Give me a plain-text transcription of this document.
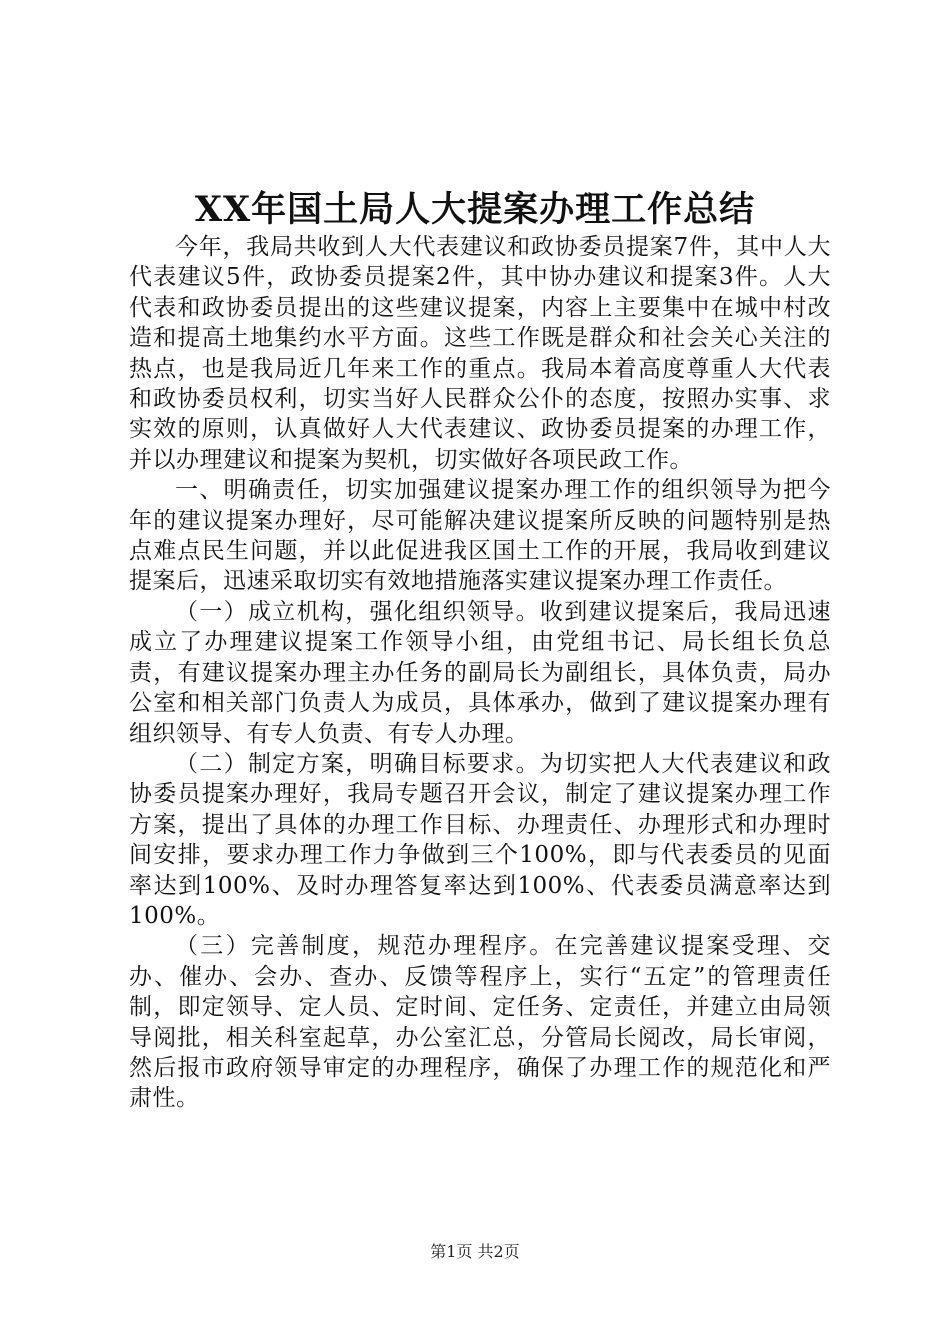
XX年国土局人大提案办理工作总结

今年，我局共收到人大代表建议和政协委员提案7件，其中人大代表建议5件，政协委员提案2件，其中协办建议和提案3件。人大代表和政协委员提出的这些建议提案，内容上主要集中在城中村改造和提高土地集约水平方面。这些工作既是群众和社会关心关注的热点，也是我局近几年来工作的重点。我局本着高度尊重人大代表和政协委员权利，切实当好人民群众公仆的态度，按照办实事、求实效的原则，认真做好人大代表建议、政协委员提案的办理工作，并以办理建议和提案为契机，切实做好各项民政工作。

一、明确责任，切实加强建议提案办理工作的组织领导为把今年的建议提案办理好，尽可能解决建议提案所反映的问题特别是热点难点民生问题，并以此促进我区国土工作的开展，我局收到建议提案后，迅速采取切实有效地措施落实建议提案办理工作责任。

（一）成立机构，强化组织领导。收到建议提案后，我局迅速成立了办理建议提案工作领导小组，由党组书记、局长组长负总责，有建议提案办理主办任务的副局长为副组长，具体负责，局办公室和相关部门负责人为成员，具体承办，做到了建议提案办理有组织领导、有专人负责、有专人办理。

（二）制定方案，明确目标要求。为切实把人大代表建议和政协委员提案办理好，我局专题召开会议，制定了建议提案办理工作方案，提出了具体的办理工作目标、办理责任、办理形式和办理时间安排，要求办理工作力争做到三个100%，即与代表委员的见面率达到100%、及时办理答复率达到100%、代表委员满意率达到100%。

（三）完善制度，规范办理程序。在完善建议提案受理、交办、催办、会办、查办、反馈等程序上，实行“五定”的管理责任制，即定领导、定人员、定时间、定任务、定责任，并建立由局领导阅批，相关科室起草，办公室汇总，分管局长阅改，局长审阅，然后报市政府领导审定的办理程序，确保了办理工作的规范化和严肃性。

第1页 共2页
